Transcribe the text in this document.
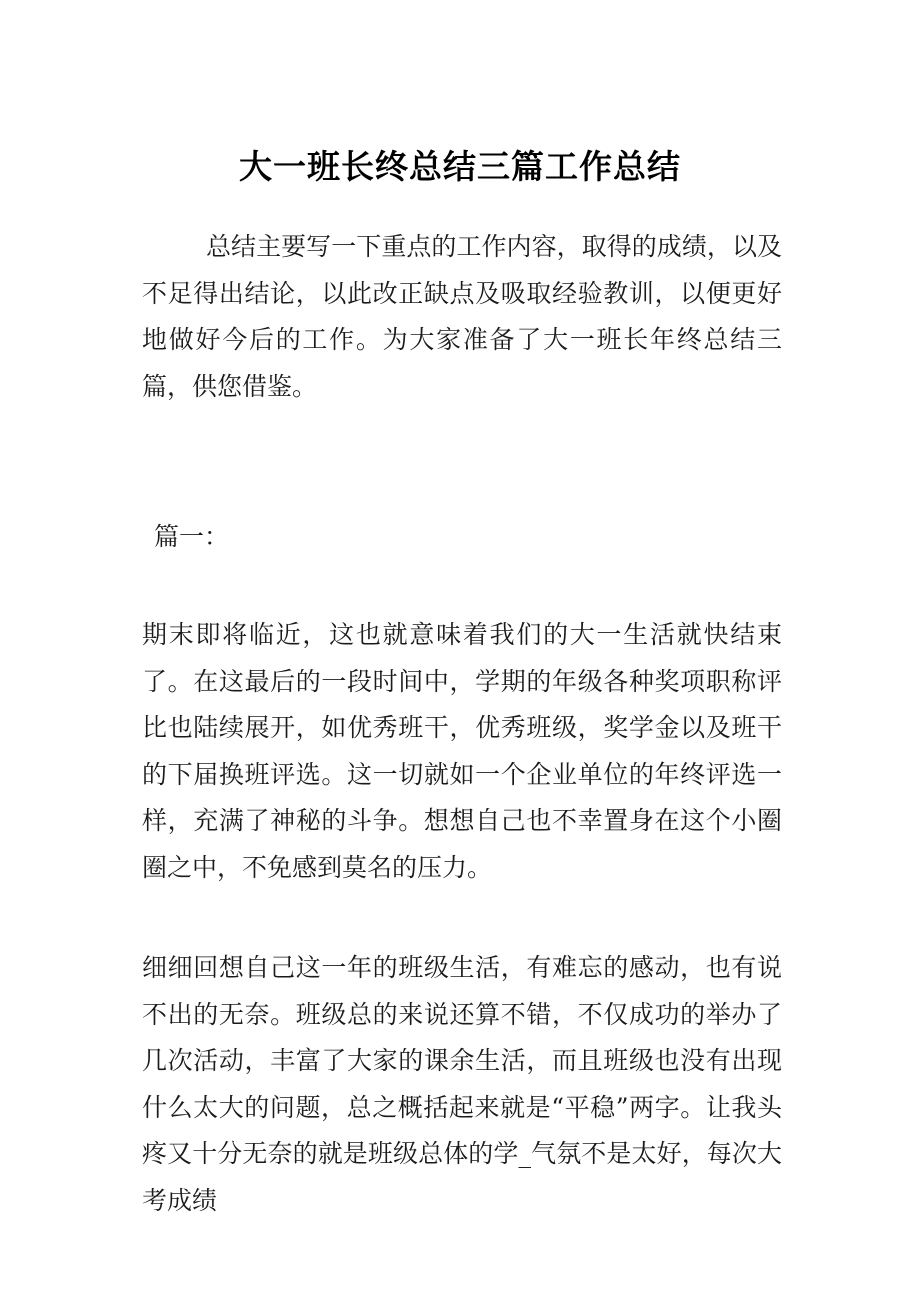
大一班长终总结三篇工作总结

总结主要写一下重点的工作内容，取得的成绩，以及不足得出结论，以此改正缺点及吸取经验教训，以便更好地做好今后的工作。为大家准备了大一班长年终总结三篇，供您借鉴。

篇一：

期末即将临近，这也就意味着我们的大一生活就快结束了。在这最后的一段时间中，学期的年级各种奖项职称评比也陆续展开，如优秀班干，优秀班级，奖学金以及班干的下届换班评选。这一切就如一个企业单位的年终评选一样，充满了神秘的斗争。想想自己也不幸置身在这个小圈圈之中，不免感到莫名的压力。

细细回想自己这一年的班级生活，有难忘的感动，也有说不出的无奈。班级总的来说还算不错，不仅成功的举办了几次活动，丰富了大家的课余生活，而且班级也没有出现什么太大的问题，总之概括起来就是“平稳”两字。让我头疼又十分无奈的就是班级总体的学_气氛不是太好，每次大考成绩
